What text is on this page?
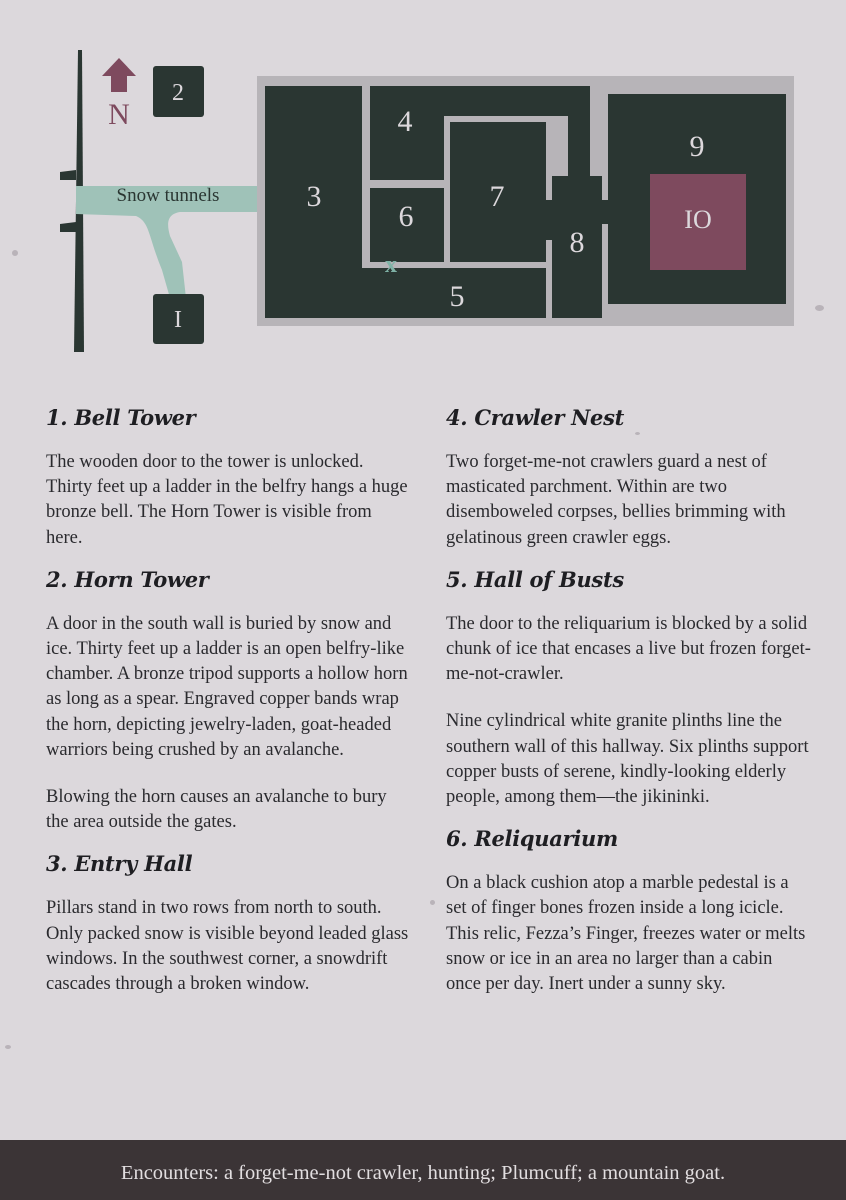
N
2
I
Snow tunnels	3
4
6
7
5
8
9
IO
x
1. Bell Tower

The wooden door to the tower is unlocked. Thirty feet up a ladder in the belfry hangs a huge bronze bell. The Horn Tower is visible from here.

2. Horn Tower

A door in the south wall is buried by snow and ice. Thirty feet up a ladder is an open belfry-like chamber. A bronze tripod supports a hollow horn as long as a spear. Engraved copper bands wrap the horn, depicting jewelry-laden, goat-headed warriors being crushed by an avalanche.

Blowing the horn causes an avalanche to bury the area outside the gates.

3. Entry Hall

Pillars stand in two rows from north to south. Only packed snow is visible beyond leaded glass windows. In the southwest corner, a snowdrift cascades through a broken window.

4. Crawler Nest

Two forget-me-not crawlers guard a nest of masticated parchment. Within are two disemboweled corpses, bellies brimming with gelatinous green crawler eggs.

5. Hall of Busts

The door to the reliquarium is blocked by a solid chunk of ice that encases a live but frozen forget-me-not-crawler.

Nine cylindrical white granite plinths line the southern wall of this hallway. Six plinths support copper busts of serene, kindly-looking elderly people, among them—the jikininki.

6. Reliquarium

On a black cushion atop a marble pedestal is a set of finger bones frozen inside a long icicle. This relic, Fezza’s Finger, freezes water or melts snow or ice in an area no larger than a cabin once per day. Inert under a sunny sky.

Encounters: a forget-me-not crawler, hunting; Plumcuff; a mountain goat.
